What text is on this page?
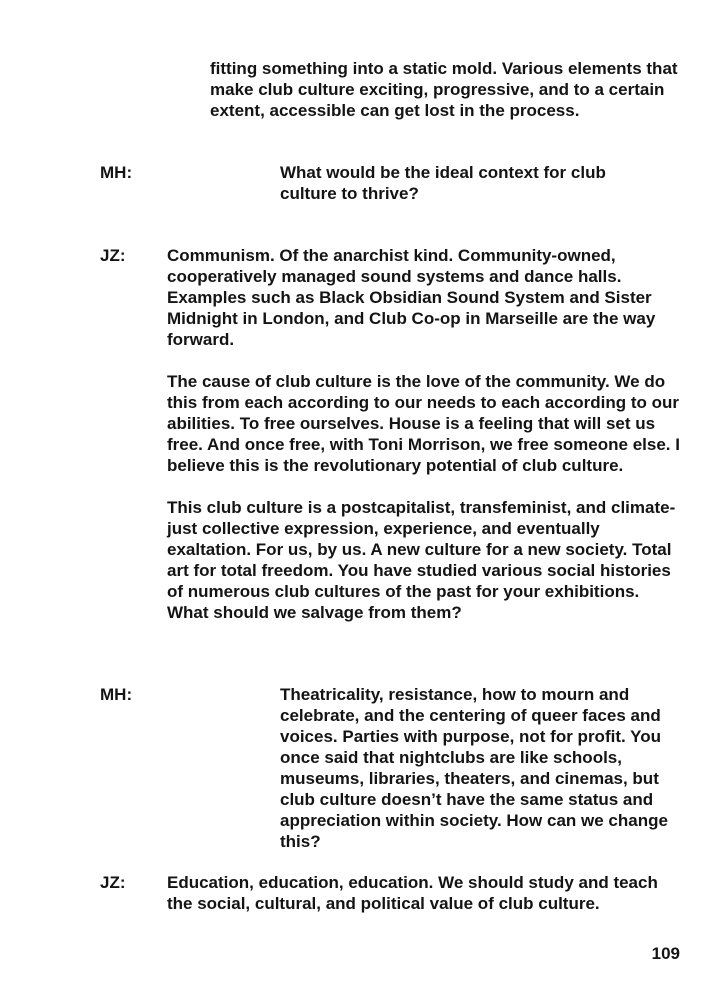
fitting something into a static mold. Various elements that make club culture exciting, progressive, and to a certain extent, accessible can get lost in the process.

MH:	What would be the ideal context for club culture to thrive?

JZ: Communism. Of the anarchist kind. Community-owned, cooperatively managed sound systems and dance halls. Examples such as Black Obsidian Sound System and Sister Midnight in London, and Club Co-op in Marseille are the way forward.

The cause of club culture is the love of the community. We do this from each according to our needs to each according to our abilities. To free ourselves. House is a feeling that will set us free. And once free, with Toni Morrison, we free someone else. I believe this is the revolutionary potential of club culture.

This club culture is a postcapitalist, transfeminist, and climate-just collective expression, experience, and eventually exaltation. For us, by us. A new culture for a new society. Total art for total freedom. You have studied various social histories of numerous club cultures of the past for your exhibitions. What should we salvage from them?

MH:	Theatricality, resistance, how to mourn and celebrate, and the centering of queer faces and voices. Parties with purpose, not for profit. You once said that nightclubs are like schools, museums, libraries, theaters, and cinemas, but club culture doesn’t have the same status and appreciation within society. How can we change this?

JZ: Education, education, education. We should study and teach the social, cultural, and political value of club culture.

109
